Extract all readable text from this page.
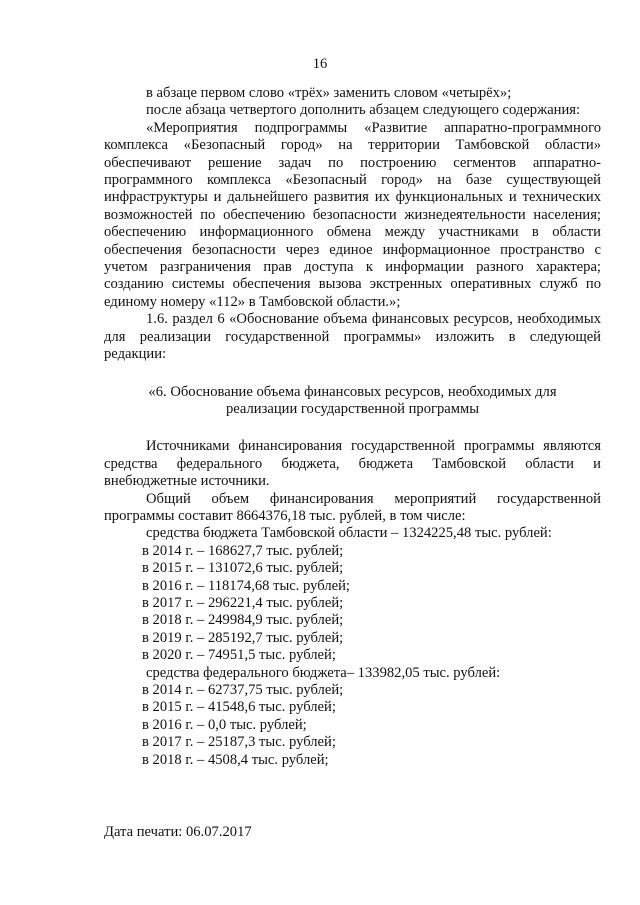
16

в абзаце первом слово «трёх» заменить словом «четырёх»;

после абзаца четвертого дополнить абзацем следующего содержания:

«Мероприятия подпрограммы «Развитие аппаратно-программного комплекса «Безопасный город» на территории Тамбовской области» обеспечивают решение задач по построению сегментов аппаратно-программного комплекса «Безопасный город» на базе существующей инфраструктуры и дальнейшего развития их функциональных и технических возможностей по обеспечению безопасности жизнедеятельности населения; обеспечению информационного обмена между участниками в области обеспечения безопасности через единое информационное пространство с учетом разграничения прав доступа к информации разного характера; созданию системы обеспечения вызова экстренных оперативных служб по единому номеру «112» в Тамбовской области.»;

1.6. раздел 6 «Обоснование объема финансовых ресурсов, необходимых для реализации государственной программы» изложить в следующей редакции:

«6. Обоснование объема финансовых ресурсов, необходимых для
реализации государственной программы

Источниками финансирования государственной программы являются средства федерального бюджета, бюджета Тамбовской области и внебюджетные источники.

Общий объем финансирования мероприятий государственной программы составит 8664376,18 тыс. рублей, в том числе:

средства бюджета Тамбовской области – 1324225,48 тыс. рублей:

в 2014 г. – 168627,7 тыс. рублей;

в 2015 г. – 131072,6 тыс. рублей;

в 2016 г. – 118174,68 тыс. рублей;

в 2017 г. – 296221,4 тыс. рублей;

в 2018 г. – 249984,9 тыс. рублей;

в 2019 г. – 285192,7 тыс. рублей;

в 2020 г. – 74951,5 тыс. рублей;

средства федерального бюджета– 133982,05 тыс. рублей:

в 2014 г. – 62737,75 тыс. рублей;

в 2015 г. – 41548,6 тыс. рублей;

в 2016 г. – 0,0 тыс. рублей;

в 2017 г. – 25187,3 тыс. рублей;

в 2018 г. – 4508,4 тыс. рублей;

Дата печати: 06.07.2017
